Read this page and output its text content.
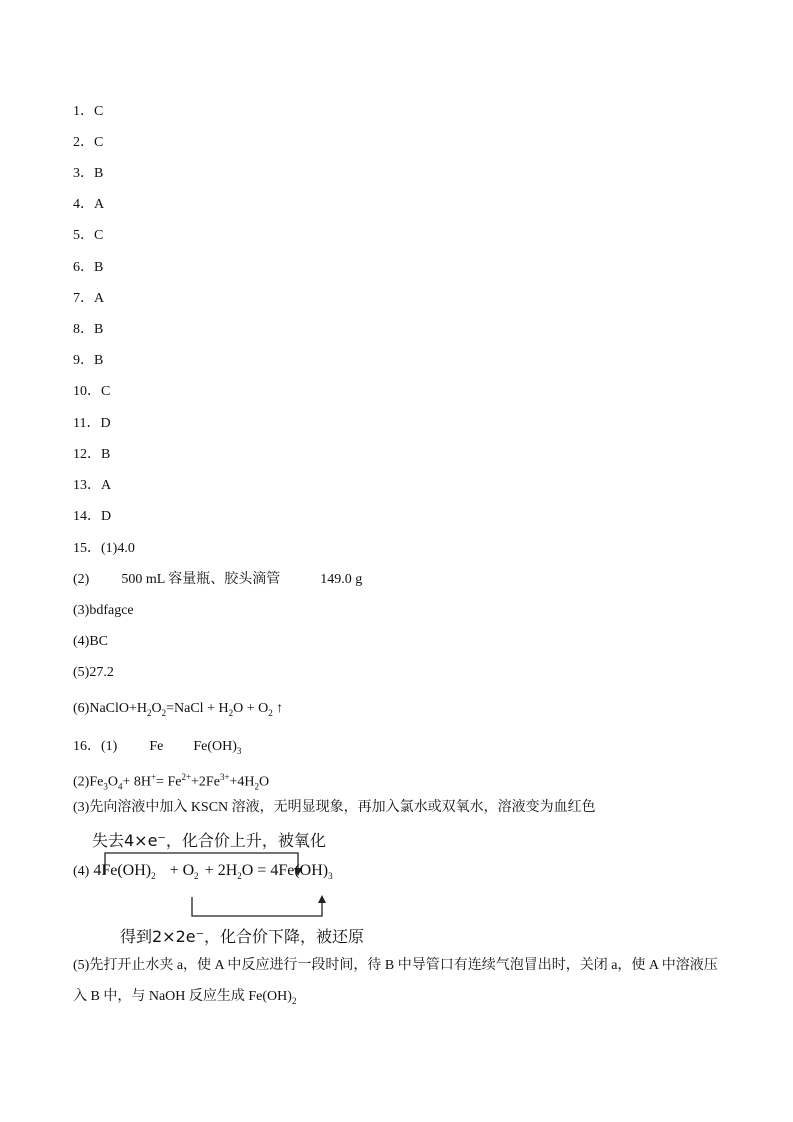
1．C
2．C
3．B
4．A
5．C
6．B
7．A
8．B
9．B
10．C
11．D
12．B
13．A
14．D
15．(1)4.0
(2) 500 mL 容量瓶、胶头滴管	149.0 g
(3)bdfagce
(4)BC
(5)27.2
$(6)NaClO+H_2O_2=NaCl + H_2O + O_2$ ↑
16．(1) Fe $Fe(OH)_3$
$(2)Fe_3O_4+ 8H^+= Fe^{2+}+2Fe^{3+}+4H_2O$
(3)先向溶液中加入 KSCN 溶液，无明显现象，再加入氯水或双氧水，溶液变为血红色
失去4×e⁻，化合价上升，被氧化
(4) $4Fe(OH)_2 + O_2 + 2H_2O = 4Fe(OH)_3$
得到2×2e⁻，化合价下降，被还原
(5)先打开止水夹 a，使 A 中反应进行一段时间，待 B 中导管口有连续气泡冒出时，关闭 a，使 A 中溶液压
入 B 中，与 NaOH 反应生成 $Fe(OH)_2$
